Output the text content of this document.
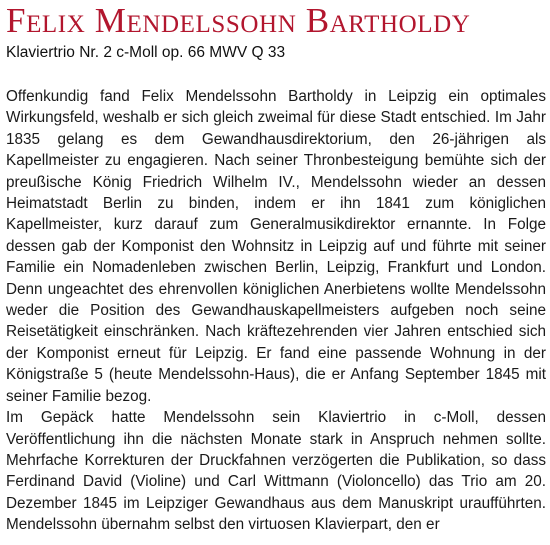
Felix Mendelssohn Bartholdy
Klaviertrio Nr. 2 c-Moll op. 66 MWV Q 33

Offenkundig fand Felix Mendelssohn Bartholdy in Leipzig ein optimales Wirkungsfeld, weshalb er sich gleich zweimal für diese Stadt entschied. Im Jahr 1835 gelang es dem Gewandhausdirektorium, den 26-jährigen als Kapellmeister zu engagieren. Nach seiner Thronbesteigung bemühte sich der preußische König Friedrich Wilhelm IV., Mendelssohn wieder an dessen Heimatstadt Berlin zu binden, indem er ihn 1841 zum königlichen Kapellmeister, kurz darauf zum Generalmusikdirektor ernannte. In Folge dessen gab der Komponist den Wohnsitz in Leipzig auf und führte mit seiner Familie ein Nomadenleben zwischen Berlin, Leipzig, Frankfurt und London. Denn ungeachtet des ehrenvollen königlichen Anerbietens wollte Mendelssohn weder die Position des Gewandhauskapellmeisters aufgeben noch seine Reisetätigkeit einschränken. Nach kräftezehrenden vier Jahren entschied sich der Komponist erneut für Leipzig. Er fand eine passende Wohnung in der Königstraße 5 (heute Mendelssohn-Haus), die er Anfang September 1845 mit seiner Familie bezog.

Im Gepäck hatte Mendelssohn sein Klaviertrio in c-Moll, dessen Veröffentlichung ihn die nächsten Monate stark in Anspruch nehmen sollte. Mehrfache Korrekturen der Druckfahnen verzögerten die Publikation, so dass Ferdinand David (Violine) und Carl Wittmann (Violoncello) das Trio am 20. Dezember 1845 im Leipziger Gewandhaus aus dem Manuskript uraufführten. Mendelssohn übernahm selbst den virtuosen Klavierpart, den er
